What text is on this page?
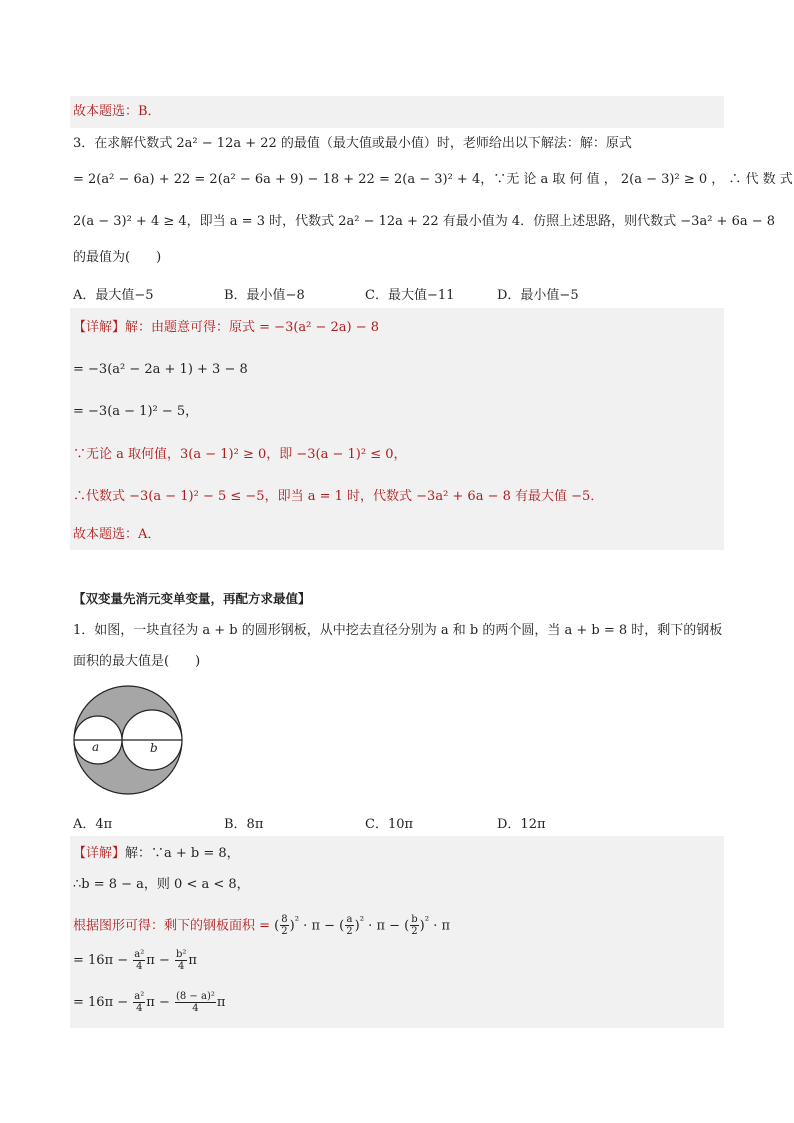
故本题选：B．
3．在求解代数式 2a² − 12a + 22 的最值（最大值或最小值）时，老师给出以下解法：解：原式
= 2(a² − 6a) + 22 = 2(a² − 6a + 9) − 18 + 22 = 2(a − 3)² + 4，∵无 论 a 取 何 值 ， 2(a − 3)² ≥ 0 ， ∴ 代 数 式
2(a − 3)² + 4 ≥ 4，即当 a = 3 时，代数式 2a² − 12a + 22 有最小值为 4．仿照上述思路，则代数式 −3a² + 6a − 8
的最值为(　　)
A．最大值−5	B．最小值−8	C．最大值−11	D．最小值−5
【详解】解：由题意可得：原式 = −3(a² − 2a) − 8
= −3(a² − 2a + 1) + 3 − 8
= −3(a − 1)² − 5，
∵无论 a 取何值，3(a − 1)² ≥ 0，即 −3(a − 1)² ≤ 0，
∴代数式 −3(a − 1)² − 5 ≤ −5，即当 a = 1 时，代数式 −3a² + 6a − 8 有最大值 −5．
故本题选：A．
【双变量先消元变单变量，再配方求最值】
1．如图，一块直径为 a + b 的圆形钢板，从中挖去直径分别为 a 和 b 的两个圆，当 a + b = 8 时，剩下的钢板
面积的最大值是(　　)
a	b
A．4π	B．8π	C．10π	D．12π
【详解】解：∵a + b = 8，
∴b = 8 − a，则 0 < a < 8，
根据图形可得：剩下的钢板面积 = ( $\frac{8}{2} )^{^2} \cdot \pi$ − ( $\frac{a}{2} )^{^2} \cdot \pi$ − ( $\frac{b}{2} )^{^2} \cdot \pi$
= $16\pi - \frac{\text{a²}}{4}$ $\pi - \frac{\text{b²}}{4}$ π
= $16\pi - \frac{\text{a²}}{4}$ $\pi - \frac{\text{(8 − a)²}}{4}$ π
